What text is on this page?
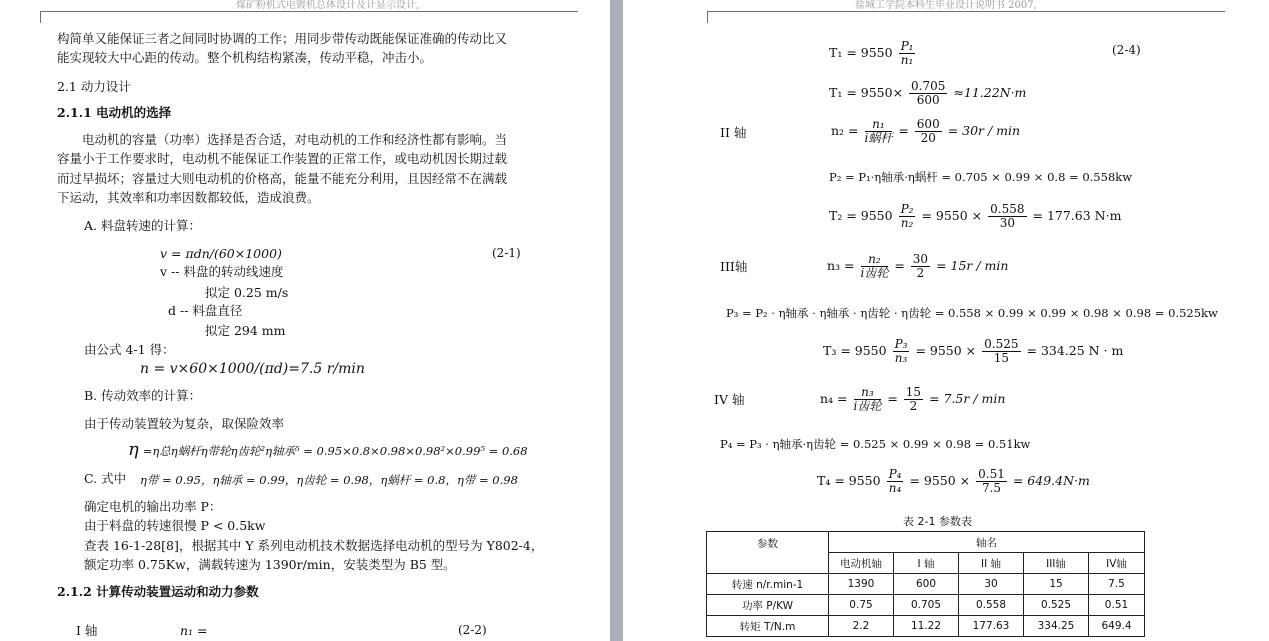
煤矿粉机式电镀机总体设计及计显示设计,
构简单又能保证三者之间同时协调的工作；用同步带传动既能保证准确的传动比又
能实现较大中心距的传动。整个机构结构紧凑，传动平稳，冲击小。
2.1 动力设计
2.1.1 电动机的选择
电动机的容量（功率）选择是否合适，对电动机的工作和经济性都有影响。当
容量小于工作要求时，电动机不能保证工作装置的正常工作，或电动机因长期过载
而过早损坏；容量过大则电动机的价格高，能量不能充分利用，且因经常不在满载
下运动，其效率和功率因数都较低，造成浪费。
A. 料盘转速的计算：
v = πdn/(60×1000)	(2-1)
v -- 料盘的转动线速度
拟定 0.25 m/s
d -- 料盘直径
拟定 294 mm
由公式 4-1 得：
n = v×60×1000/(πd)=7.5 r/min
B. 传动效率的计算：
由于传动装置较为复杂，取保险效率
η =η总η蜗杆η带轮η齿轮²η轴承⁵ = 0.95×0.8×0.98×0.98²×0.99⁵ = 0.68
C. 式中 η带 = 0.95，η轴承 = 0.99，η齿轮 = 0.98，η蜗杆 = 0.8，η带 = 0.98
确定电机的输出功率 P：
由于料盘的转速很慢 P < 0.5kw
查表 16-1-28[8]，根据其中 Y 系列电动机技术数据选择电动机的型号为 Y802-4，
额定功率 0.75Kw，满载转速为 1390r/min，安装类型为 B5 型。
2.1.2 计算传动装置运动和动力参数
I 轴	n₁ =	(2-2)
盐城工学院本科生毕业设计说明书 2007,
$T_1 = 9550 \frac{\text{P₁}}{\text{n₁}}$	(2-4)
$T_1 = 9550\times \frac{0.705}{600} \approx 11.22N\cdot m$
II 轴	$n_2 = \frac{\text{n₁}}{\text{i蜗杆}} = \frac{600}{20} = 30r / \min$
P₂ = P₁·η轴承·η蜗杆 = 0.705 × 0.99 × 0.8 = 0.558kw
$T_2 = 9550 \frac{\text{P₂}}{\text{n₂}} = 9550 \times \frac{0.558}{30} = 177.63$ N·m
III轴	$n_3 = \frac{\text{n₂}}{\text{i齿轮}} = \frac{30}{2} = 15r / \min$
P₃ = P₂ · η轴承 · η轴承 · η齿轮 · η齿轮 = 0.558 × 0.99 × 0.99 × 0.98 × 0.98 = 0.525kw
$T_3 = 9550 \frac{\text{P₃}}{\text{n₃}} = 9550 \times \frac{0.525}{15} = 334.25$ N · m
IV 轴	$n_4 = \frac{\text{n₃}}{\text{i齿轮}} = \frac{15}{2} = 7.5r / \min$
P₄ = P₃ · η轴承·η齿轮 = 0.525 × 0.99 × 0.98 = 0.51kw
$T_4 = 9550 \frac{\text{P₄}}{\text{n₄}} = 9550 \times \frac{0.51}{7.5} = 649.4N\cdot m$
表 2-1 参数表
参数	轴名				
	电动机轴	I 轴	II 轴	III轴	IV轴
转速 n/r.min-1	1390	600	30	15	7.5
功率 P/KW	0.75	0.705	0.558	0.525	0.51
转矩 T/N.m	2.2	11.22	177.63	334.25	649.4
